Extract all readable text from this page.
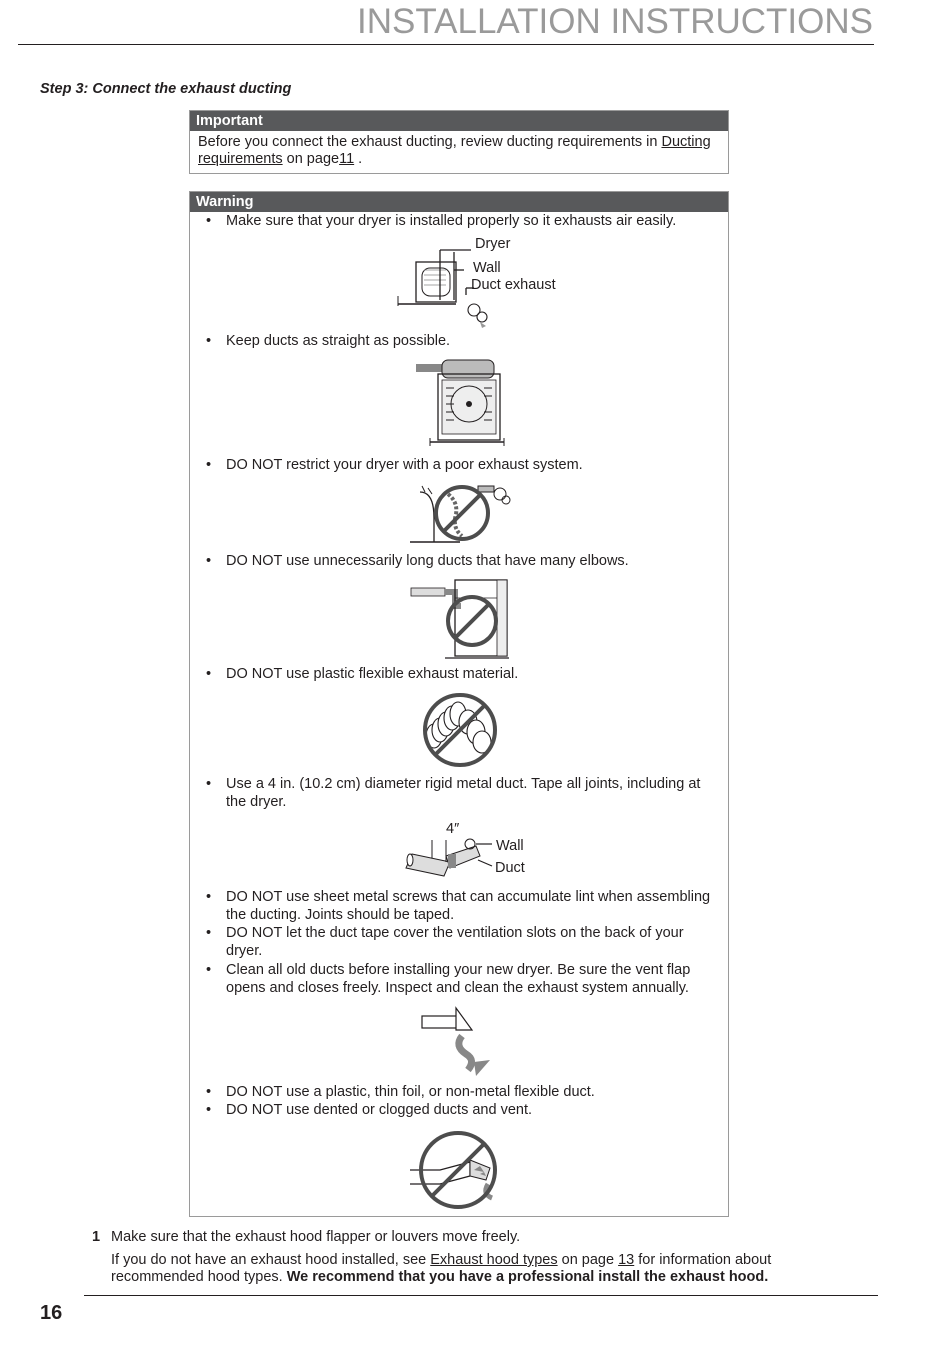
INSTALLATION INSTRUCTIONS
Step 3: Connect the exhaust ducting
Important
Before you connect the exhaust ducting, review ducting requirements in Ducting requirements on page11 .
Warning
•	Make sure that your dryer is installed properly so it exhausts air easily.
Dryer
Wall
Duct exhaust
•	Keep ducts as straight as possible.
•	DO NOT restrict your dryer with a poor exhaust system.
•	DO NOT use unnecessarily long ducts that have many elbows.
•	DO NOT use plastic flexible exhaust material.
•	Use a 4 in. (10.2 cm) diameter rigid metal duct. Tape all joints, including at the dryer.
4″
Wall
Duct
•	DO NOT use sheet metal screws that can accumulate lint when assembling the ducting. Joints should be taped.
•	DO NOT let the duct tape cover the ventilation slots on the back of your dryer.
•	Clean all old ducts before installing your new dryer. Be sure the vent flap opens and closes freely. Inspect and clean the exhaust system annually.
•	DO NOT use a plastic, thin foil, or non-metal flexible duct.
•	DO NOT use dented or clogged ducts and vent.
1 Make sure that the exhaust hood flapper or louvers move freely.
If you do not have an exhaust hood installed, see Exhaust hood types on page 13 for information about recommended hood types. We recommend that you have a professional install the exhaust hood.
16
